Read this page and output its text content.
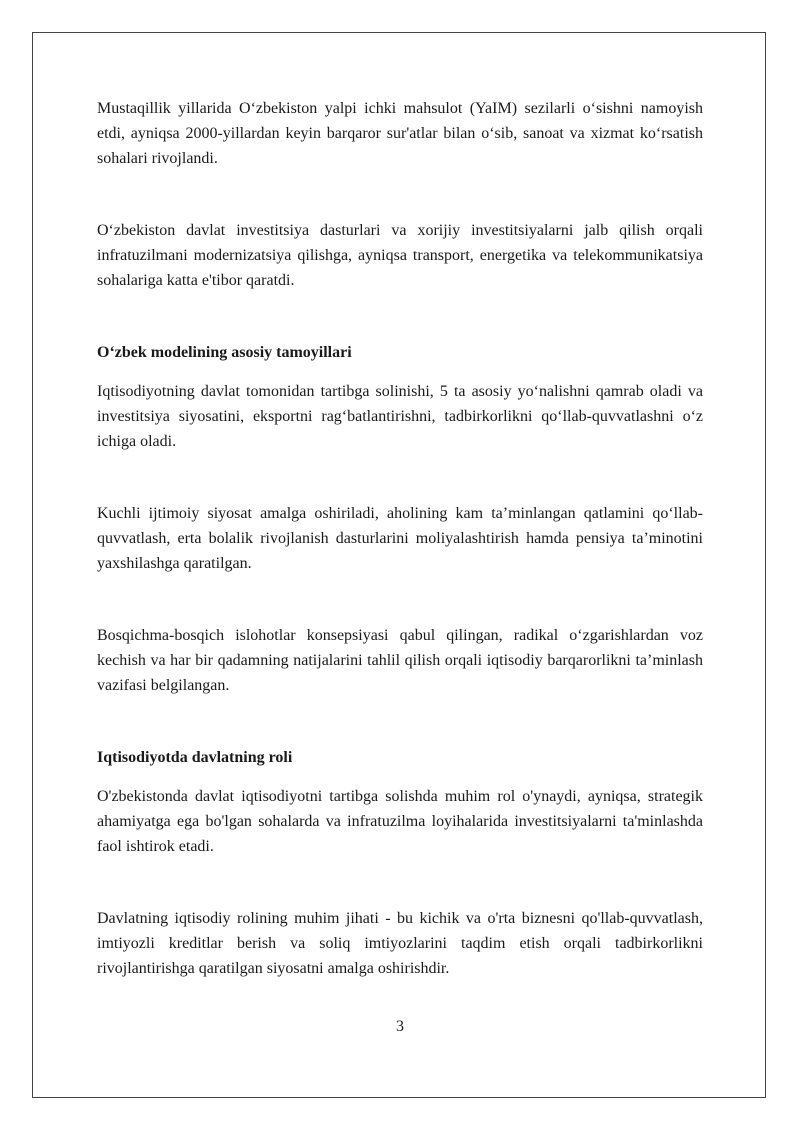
Mustaqillik yillarida O‘zbekiston yalpi ichki mahsulot (YaIM) sezilarli o‘sishni namoyish etdi, ayniqsa 2000-yillardan keyin barqaror sur'atlar bilan o‘sib, sanoat va xizmat ko‘rsatish sohalari rivojlandi.

O‘zbekiston davlat investitsiya dasturlari va xorijiy investitsiyalarni jalb qilish orqali infratuzilmani modernizatsiya qilishga, ayniqsa transport, energetika va telekommunikatsiya sohalariga katta e'tibor qaratdi.

O‘zbek modelining asosiy tamoyillari

Iqtisodiyotning davlat tomonidan tartibga solinishi, 5 ta asosiy yo‘nalishni qamrab oladi va investitsiya siyosatini, eksportni rag‘batlantirishni, tadbirkorlikni qo‘llab-quvvatlashni o‘z ichiga oladi.

Kuchli ijtimoiy siyosat amalga oshiriladi, aholining kam ta’minlangan qatlamini qo‘llab-quvvatlash, erta bolalik rivojlanish dasturlarini moliyalashtirish hamda pensiya ta’minotini yaxshilashga qaratilgan.

Bosqichma-bosqich islohotlar konsepsiyasi qabul qilingan, radikal o‘zgarishlardan voz kechish va har bir qadamning natijalarini tahlil qilish orqali iqtisodiy barqarorlikni ta’minlash vazifasi belgilangan.

Iqtisodiyotda davlatning roli

O'zbekistonda davlat iqtisodiyotni tartibga solishda muhim rol o'ynaydi, ayniqsa, strategik ahamiyatga ega bo'lgan sohalarda va infratuzilma loyihalarida investitsiyalarni ta'minlashda faol ishtirok etadi.

Davlatning iqtisodiy rolining muhim jihati - bu kichik va o'rta biznesni qo'llab-quvvatlash, imtiyozli kreditlar berish va soliq imtiyozlarini taqdim etish orqali tadbirkorlikni rivojlantirishga qaratilgan siyosatni amalga oshirishdir.

3
